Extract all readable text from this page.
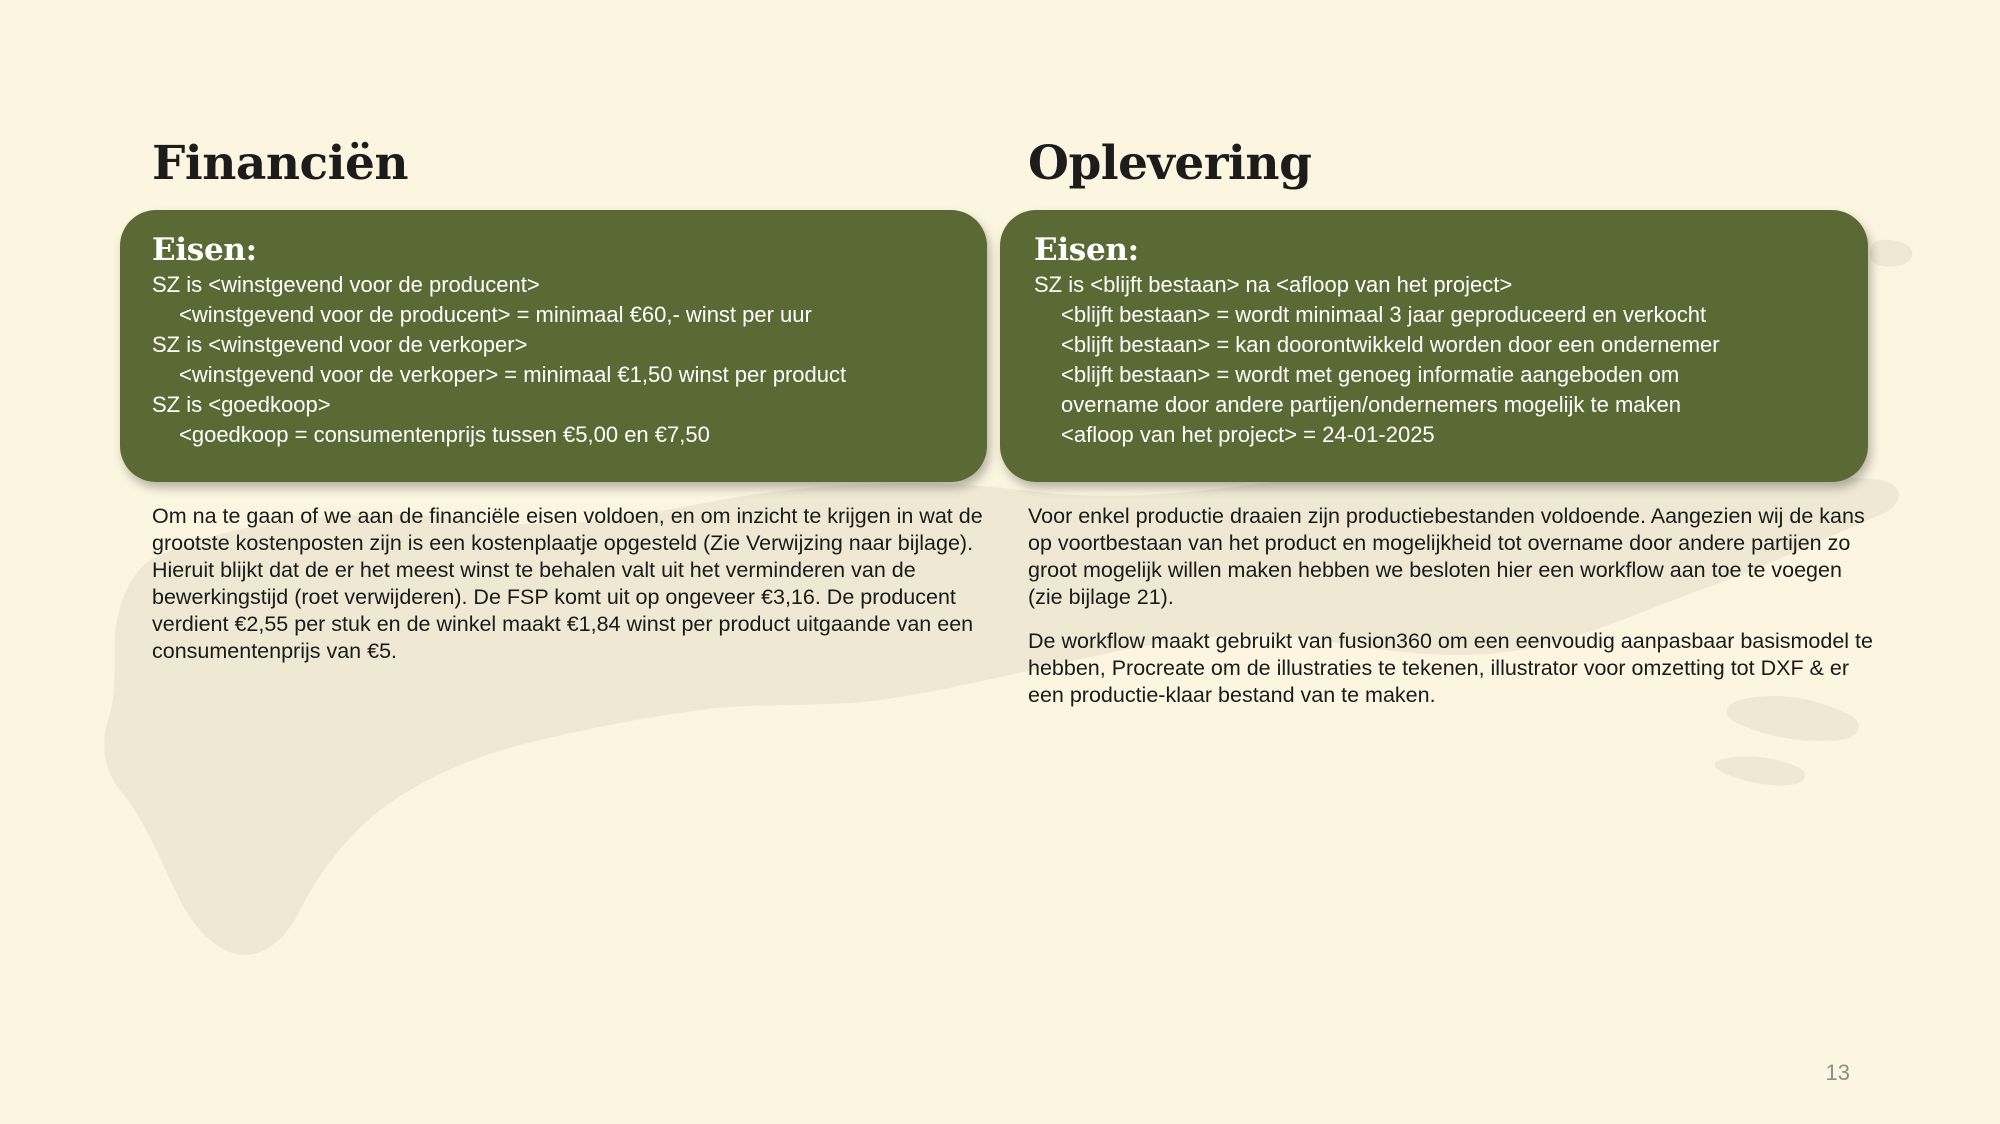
Financiën
Eisen:
SZ is <winstgevend voor de producent>
<winstgevend voor de producent> = minimaal €60,- winst per uur
SZ is <winstgevend voor de verkoper>
<winstgevend voor de verkoper> = minimaal €1,50 winst per product
SZ is <goedkoop>
<goedkoop = consumentenprijs tussen €5,00 en €7,50

Om na te gaan of we aan de financiële eisen voldoen, en om inzicht te krijgen in wat de grootste kostenposten zijn is een kostenplaatje opgesteld (Zie Verwijzing naar bijlage). Hieruit blijkt dat de er het meest winst te behalen valt uit het verminderen van de bewerkingstijd (roet verwijderen). De FSP komt uit op ongeveer €3,16. De producent verdient €2,55 per stuk en de winkel maakt €1,84 winst per product uitgaande van een consumentenprijs van €5.

Oplevering
Eisen:
SZ is <blijft bestaan> na <afloop van het project>
<blijft bestaan> = wordt minimaal 3 jaar geproduceerd en verkocht
<blijft bestaan> = kan doorontwikkeld worden door een ondernemer
<blijft bestaan> = wordt met genoeg informatie aangeboden om
overname door andere partijen/ondernemers mogelijk te maken
<afloop van het project> = 24-01-2025

Voor enkel productie draaien zijn productiebestanden voldoende. Aangezien wij de kans op voortbestaan van het product en mogelijkheid tot overname door andere partijen zo groot mogelijk willen maken hebben we besloten hier een workflow aan toe te voegen (zie bijlage 21).

De workflow maakt gebruikt van fusion360 om een eenvoudig aanpasbaar basismodel te hebben, Procreate om de illustraties te tekenen, illustrator voor omzetting tot DXF & er een productie-klaar bestand van te maken.

13
